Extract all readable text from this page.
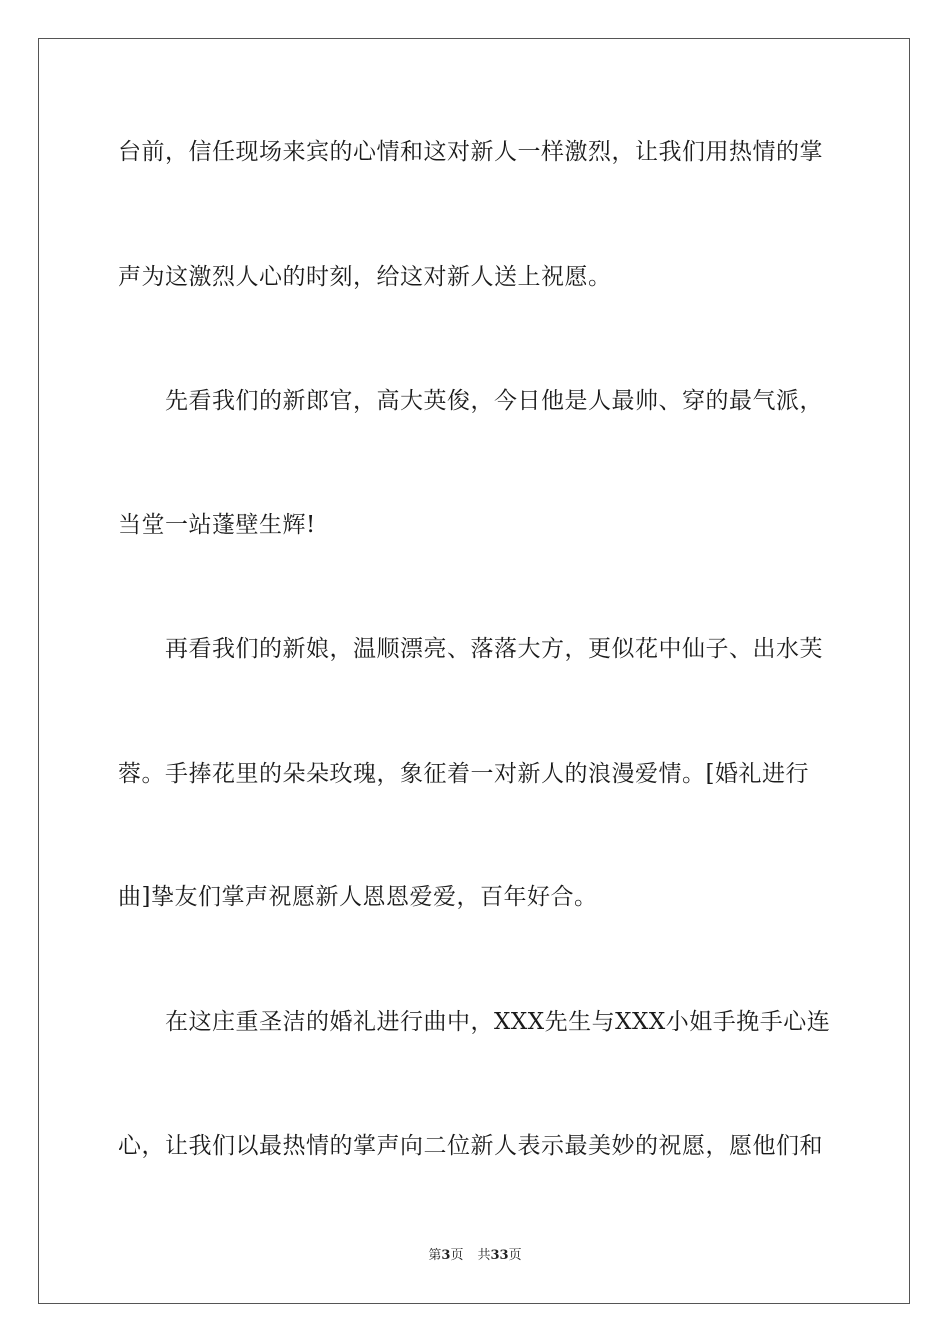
台前，信任现场来宾的心情和这对新人一样激烈，让我们用热情的掌
声为这激烈人心的时刻，给这对新人送上祝愿。
　　先看我们的新郎官，高大英俊，今日他是人最帅、穿的最气派，
当堂一站蓬壁生辉!
　　再看我们的新娘，温顺漂亮、落落大方，更似花中仙子、出水芙
蓉。手捧花里的朵朵玫瑰，象征着一对新人的浪漫爱情。[婚礼进行
曲]挚友们掌声祝愿新人恩恩爱爱，百年好合。
　　在这庄重圣洁的婚礼进行曲中，XXX先生与XXX小姐手挽手心连
心，让我们以最热情的掌声向二位新人表示最美妙的祝愿，愿他们和
第3页 共33页
